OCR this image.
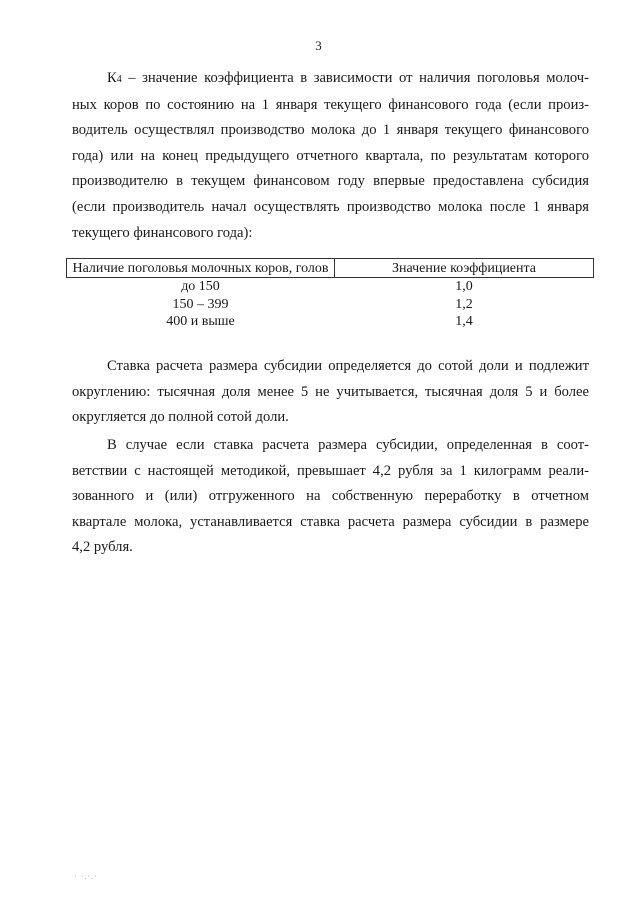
3
К4 – значение коэффициента в зависимости от наличия поголовья молоч-
ных коров по состоянию на 1 января текущего финансового года (если произ-
водитель осуществлял производство молока до 1 января текущего финансового
года) или на конец предыдущего отчетного квартала, по результатам которого
производителю в текущем финансовом году впервые предоставлена субсидия
(если производитель начал осуществлять производство молока после 1 января
текущего финансового года):
Наличие поголовья молочных коров, голов	Значение коэффициента
до 150	1,0
150 – 399	1,2
400 и выше	1,4
Ставка расчета размера субсидии определяется до сотой доли и подлежит
округлению: тысячная доля менее 5 не учитывается, тысячная доля 5 и более
округляется до полной сотой доли.
В случае если ставка расчета размера субсидии, определенная в соот-
ветствии с настоящей методикой, превышает 4,2 рубля за 1 килограмм реали-
зованного и (или) отгруженного на собственную переработку в отчетном
квартале молока, устанавливается ставка расчета размера субсидии в размере
4,2 рубля.
· ·.·.·
